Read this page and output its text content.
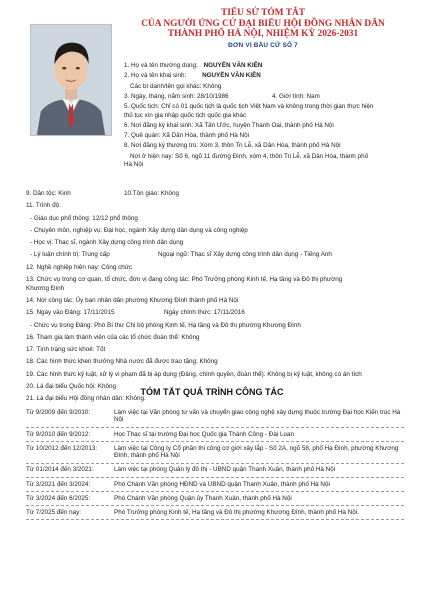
TIỂU SỬ TÓM TẮT
CỦA NGƯỜI ỨNG CỬ ĐẠI BIỂU HỘI ĐỒNG NHÂN DÂN
THÀNH PHỐ HÀ NỘI, NHIỆM KỲ 2026-2031
ĐƠN VỊ BẦU CỬ SỐ 7
1. Họ và tên thường dùng: NGUYỄN VĂN KIÊN
2. Họ và tên khai sinh:	NGUYỄN VĂN KIÊN
Các bí danh/tên gọi khác: Không
3. Ngày, tháng, năm sinh: 28/10/1986	4. Giới tính: Nam
5. Quốc tịch: Chỉ có 01 quốc tịch là quốc tịch Việt Nam và không trong thời gian thực hiện
thủ tục xin gia nhập quốc tịch quốc gia khác
6. Nơi đăng ký khai sinh: Xã Tân Ước, huyện Thanh Oai, thành phố Hà Nội
7. Quê quán: Xã Dân Hòa, thành phố Hà Nội
8. Nơi đăng ký thường trú: Xóm 3, thôn Tri Lễ, xã Dân Hòa, thành phố Hà Nội
Nơi ở hiện nay: Số 6, ngõ 11 đường Đình, xóm 4, thôn Tri Lễ, xã Dân Hòa, thành phố
Hà Nội
9. Dân tộc: Kinh	10.Tôn giáo: Không
11. Trình độ:
- Giáo dục phổ thông: 12/12 phổ thông
- Chuyên môn, nghiệp vụ: Đại học, ngành Xây dựng dân dụng và công nghiệp
- Học vị: Thạc sĩ, ngành Xây dựng công trình dân dụng
- Lý luận chính trị: Trung cấp	Ngoại ngữ: Thạc sĩ Xây dựng công trình dân dụng - Tiếng Anh
12. Nghề nghiệp hiện nay: Công chức
13. Chức vụ trong cơ quan, tổ chức, đơn vị đang công tác: Phó Trưởng phòng Kinh tế, Hạ tầng và Đô thị phường
Khương Đình
14. Nơi công tác: Ủy ban nhân dân phường Khương Đình thành phố Hà Nội
15. Ngày vào Đảng: 17/11/2015	Ngày chính thức: 17/11/2016
- Chức vụ trong Đảng: Phó Bí thư Chi bộ phòng Kinh tế, Hạ tầng và Đô thị phường Khương Đình
16. Tham gia làm thành viên của các tổ chức đoàn thể: Không
17. Tình trạng sức khoẻ: Tốt
18. Các hình thức khen thưởng Nhà nước đã được trao tặng: Không
19. Các hình thức kỷ luật, xử lý vi phạm đã bị áp dụng (Đảng, chính quyền, đoàn thể): Không bị kỷ luật, không có án tích
20. Là đại biểu Quốc hội: Không
21. Là đại biểu Hội đồng nhân dân: Không.
TÓM TẮT QUÁ TRÌNH CÔNG TÁC
Từ 9/2009 đến 9/2010:	Làm việc tại Văn phòng tư vấn và chuyển giao công nghệ xây dựng thuộc trường Đại học Kiến trúc Hà Nội
Từ 9/2010 đến 9/2012:	Học Thạc sĩ tại trường Đại học Quốc gia Thành Công - Đài Loan
Từ 10/2012 đến 12/2013:	Làm việc tại Công ty Cổ phần thi công cơ giới xây lắp - Số 2A, ngõ 58, phố Hạ Đình, phường Khương Đình, thành phố Hà Nội
Từ 01/2014 đến 3/2021:	Làm việc tại phòng Quản lý đô thị - UBND quận Thanh Xuân, thành phố Hà Nội
Từ 3/2021 đến 3/2024:	Phó Chánh Văn phòng HĐND và UBND quận Thanh Xuân, thành phố Hà Nội
Từ 3/2024 đến 6/2025:	Phó Chánh Văn phòng Quận ủy Thanh Xuân, thành phố Hà Nội
Từ 7/2025 đến nay:	Phó Trưởng phòng Kinh tế, Hạ tầng và Đô thị phường Khương Đình, thành phố Hà Nội.
